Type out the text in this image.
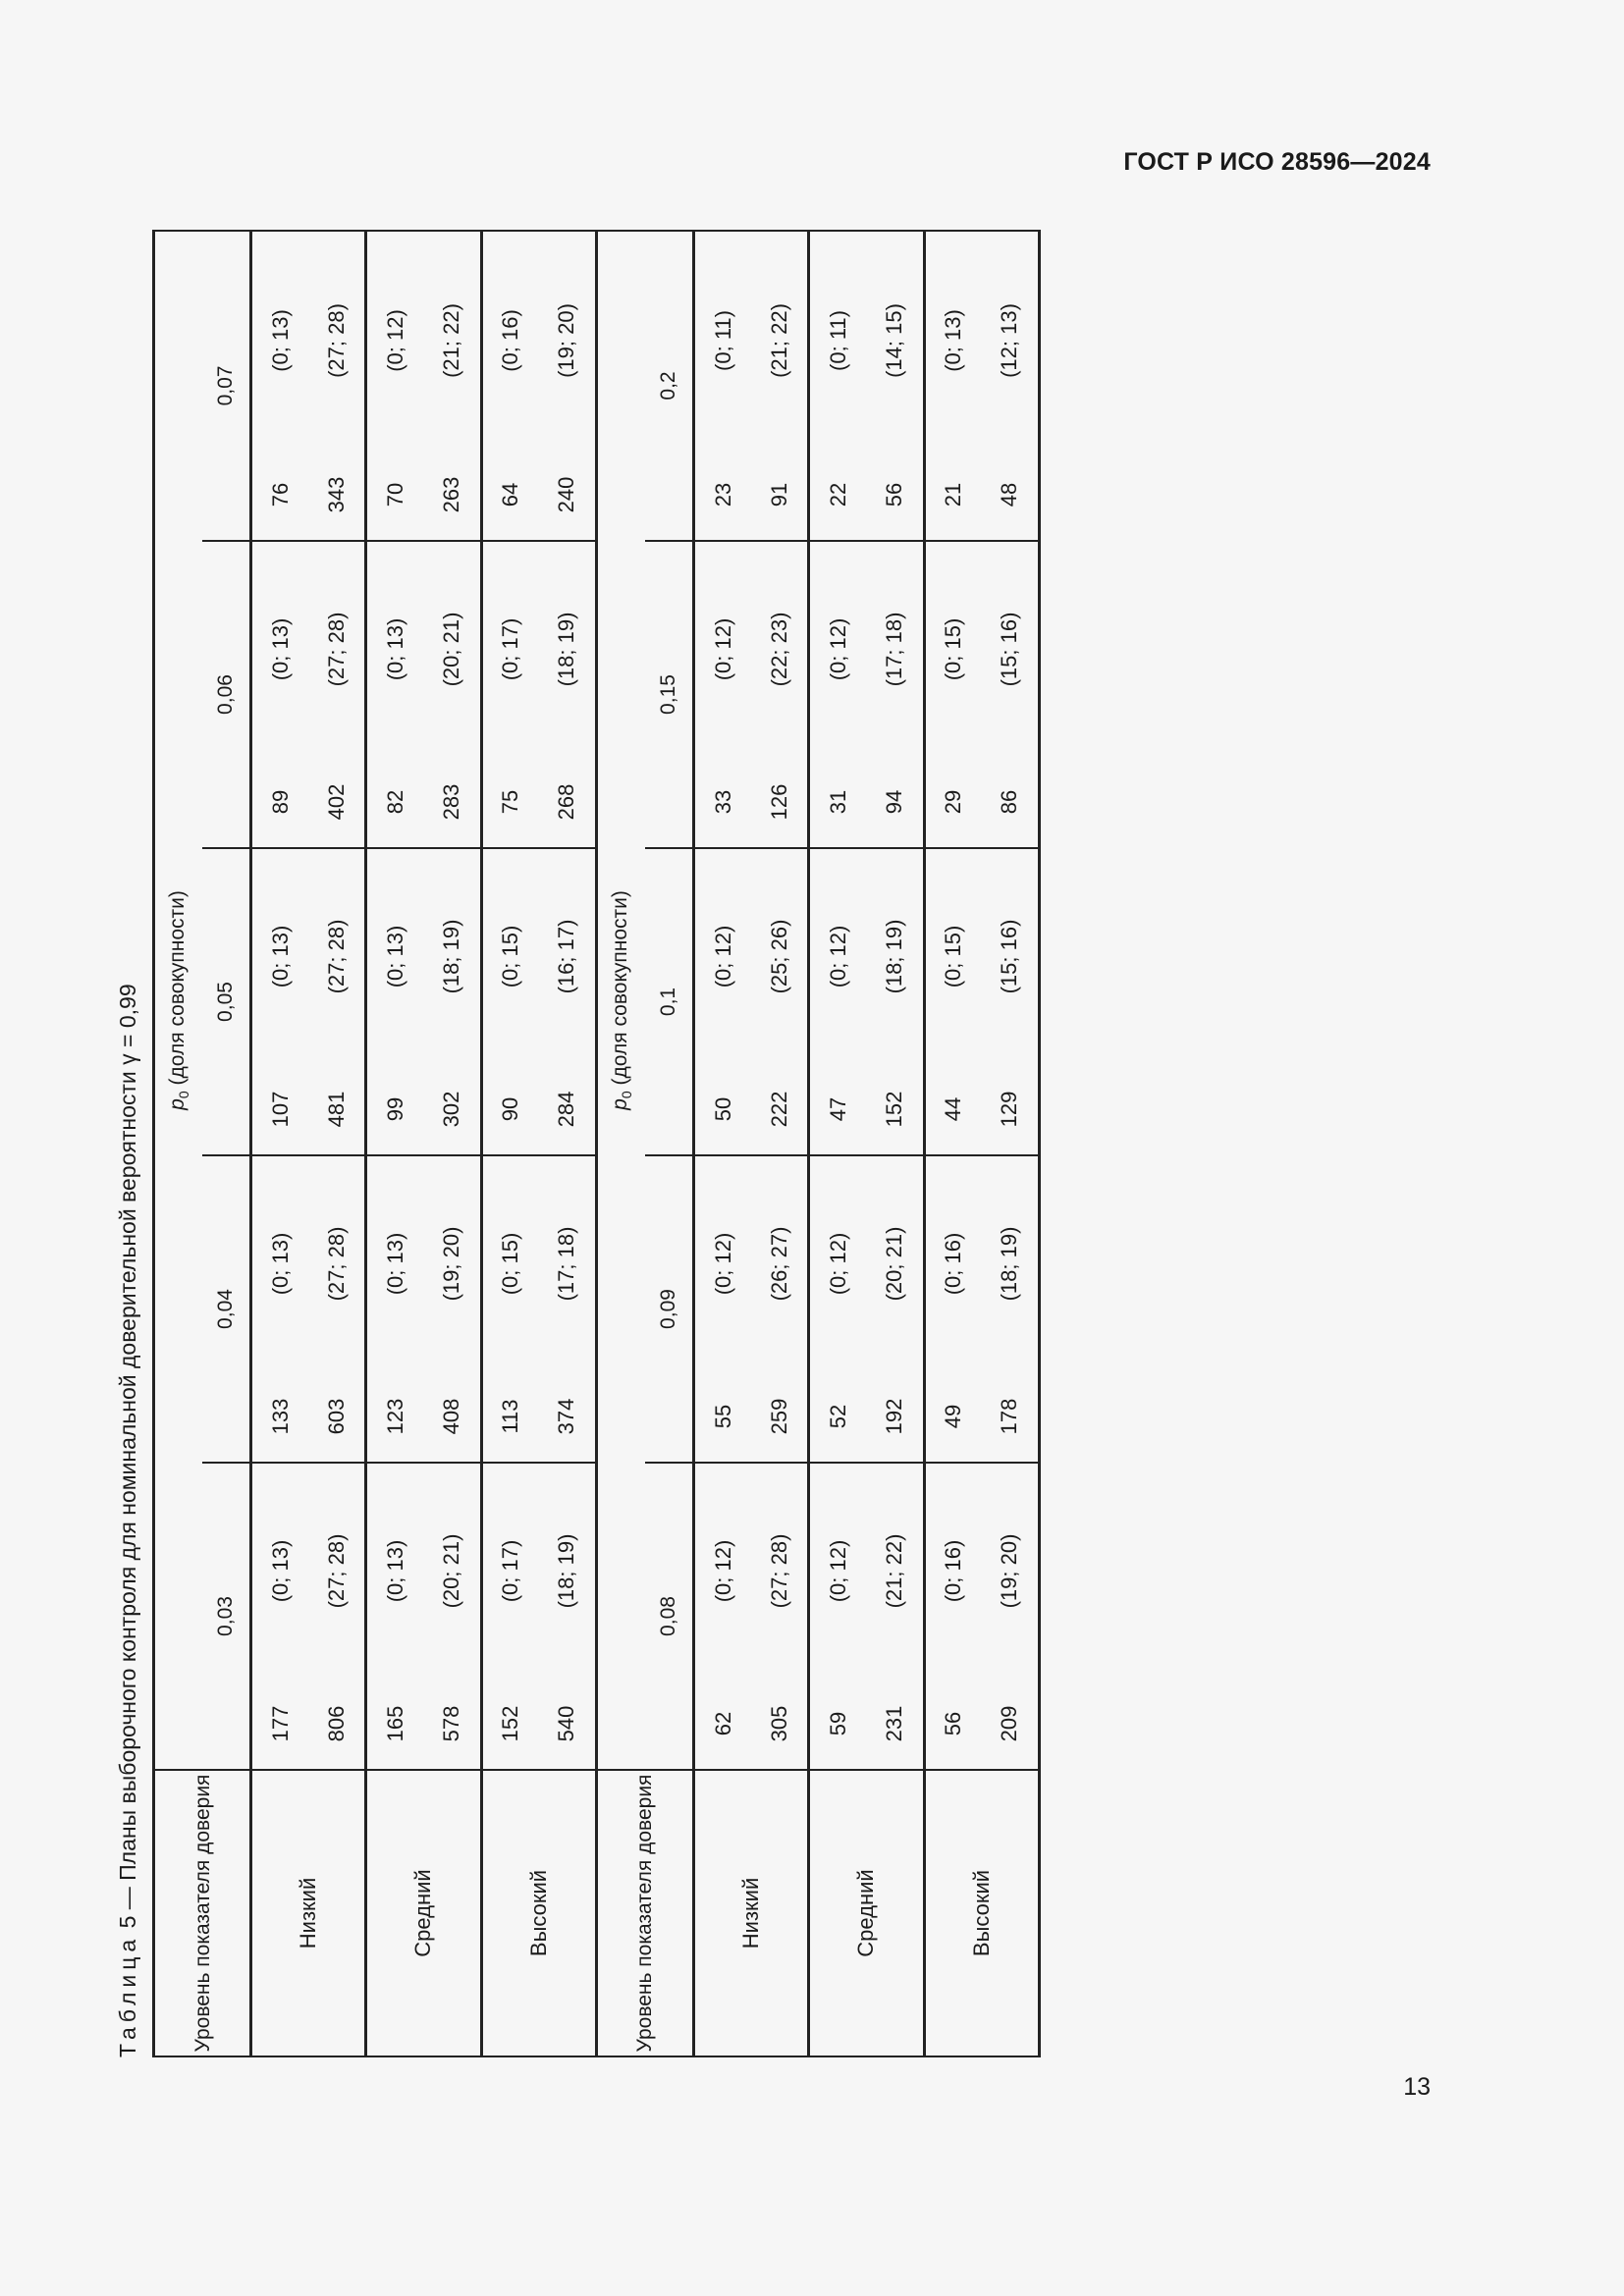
ГОСТ Р ИСО 28596—2024
Таблица 5 — Планы выборочного контроля для номинальной доверительной вероятности γ = 0,99
Уровень показателя доверия	$p_0$ (доля совокупности)									
	0,03		0,04		0,05		0,06		0,07	
Низкий	177	(0; 13)	133	(0; 13)	107	(0; 13)	89	(0; 13)	76	(0; 13)
	806	(27; 28)	603	(27; 28)	481	(27; 28)	402	(27; 28)	343	(27; 28)
Средний	165	(0; 13)	123	(0; 13)	99	(0; 13)	82	(0; 13)	70	(0; 12)
	578	(20; 21)	408	(19; 20)	302	(18; 19)	283	(20; 21)	263	(21; 22)
Высокий	152	(0; 17)	113	(0; 15)	90	(0; 15)	75	(0; 17)	64	(0; 16)
	540	(18; 19)	374	(17; 18)	284	(16; 17)	268	(18; 19)	240	(19; 20)
Уровень показателя доверия	$p_0$ (доля совокупности)									
	0,08		0,09		0,1		0,15		0,2	
Низкий	62	(0; 12)	55	(0; 12)	50	(0; 12)	33	(0; 12)	23	(0; 11)
	305	(27; 28)	259	(26; 27)	222	(25; 26)	126	(22; 23)	91	(21; 22)
Средний	59	(0; 12)	52	(0; 12)	47	(0; 12)	31	(0; 12)	22	(0; 11)
	231	(21; 22)	192	(20; 21)	152	(18; 19)	94	(17; 18)	56	(14; 15)
Высокий	56	(0; 16)	49	(0; 16)	44	(0; 15)	29	(0; 15)	21	(0; 13)
	209	(19; 20)	178	(18; 19)	129	(15; 16)	86	(15; 16)	48	(12; 13)
13
